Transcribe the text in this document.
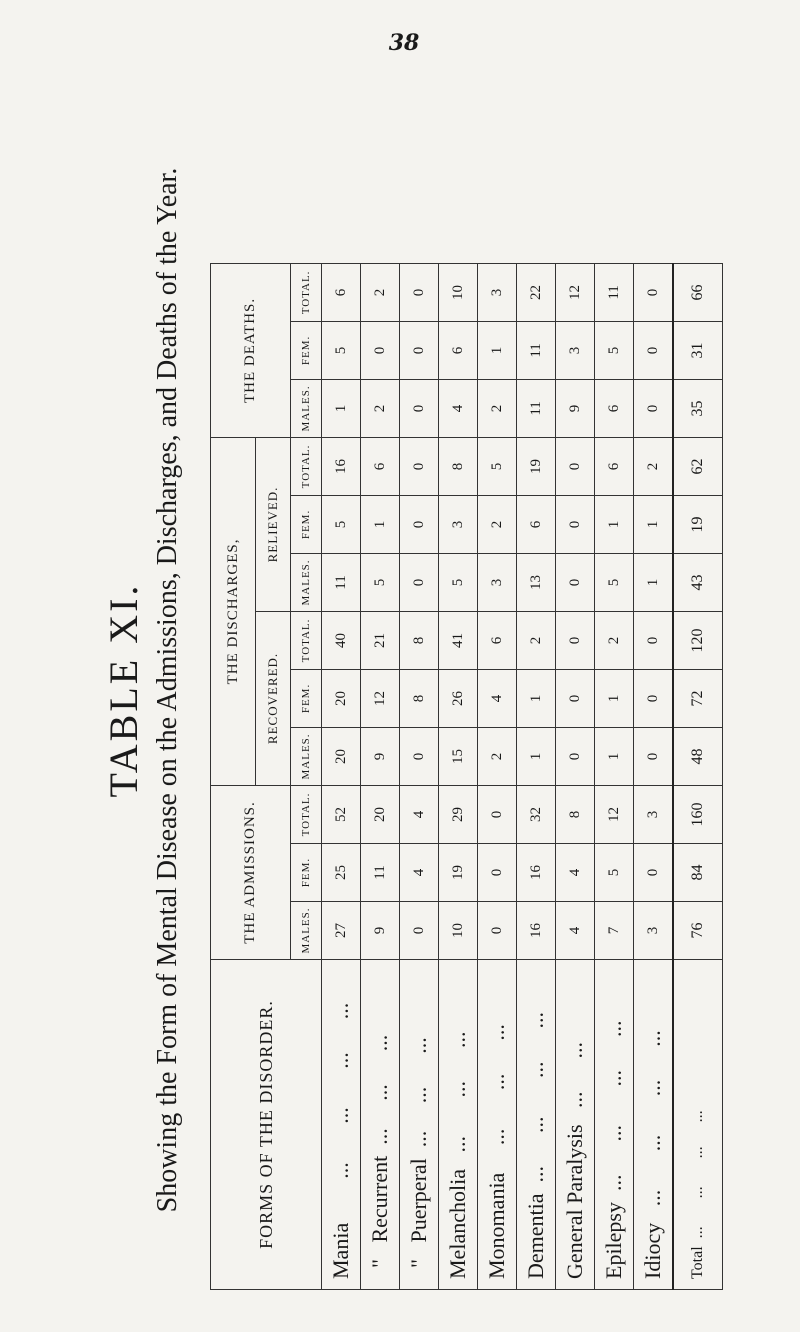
38
TABLE XI. Showing the Form of Mental Disease on the Admissions, Discharges, and Deaths of the Year.	FORMS OF THE DISORDER.	THE ADMISSIONS.			THE DISCHARGES,						THE DEATHS.		
				RECOVERED.			RELIEVED.					
	MALES.	FEM.	TOTAL.	MALES.	FEM.	TOTAL.	MALES.	FEM.	TOTAL.	MALES.	FEM.	TOTAL.
Mania        ...       ...       ...      ...	27	25	52	20	20	40	11	5	16	1	5	6
"   Recurrent  ...     ...      ...	9	11	20	9	12	21	5	1	6	2	0	2
"   Puerperal  ...     ...      ...	0	4	4	0	8	8	0	0	0	0	0	0
Melancholia   ...       ...      ...	10	19	29	15	26	41	5	3	8	4	6	10
Monomania     ...       ...      ...	0	0	0	2	4	6	3	2	5	2	1	3
Dementia  ...      ...       ...      ...	16	16	32	1	1	2	13	6	19	11	11	22
General Paralysis   ...      ...	4	4	8	0	0	0	0	0	0	9	3	12
Epilepsy  ...      ...       ...      ...	7	5	12	1	1	2	5	1	6	6	5	11
Idiocy   ...       ...       ...      ...	3	0	3	0	0	0	1	1	2	0	0	0
Total  ...       ...       ...      ...	76	84	160	48	72	120	43	19	62	35	31	66
